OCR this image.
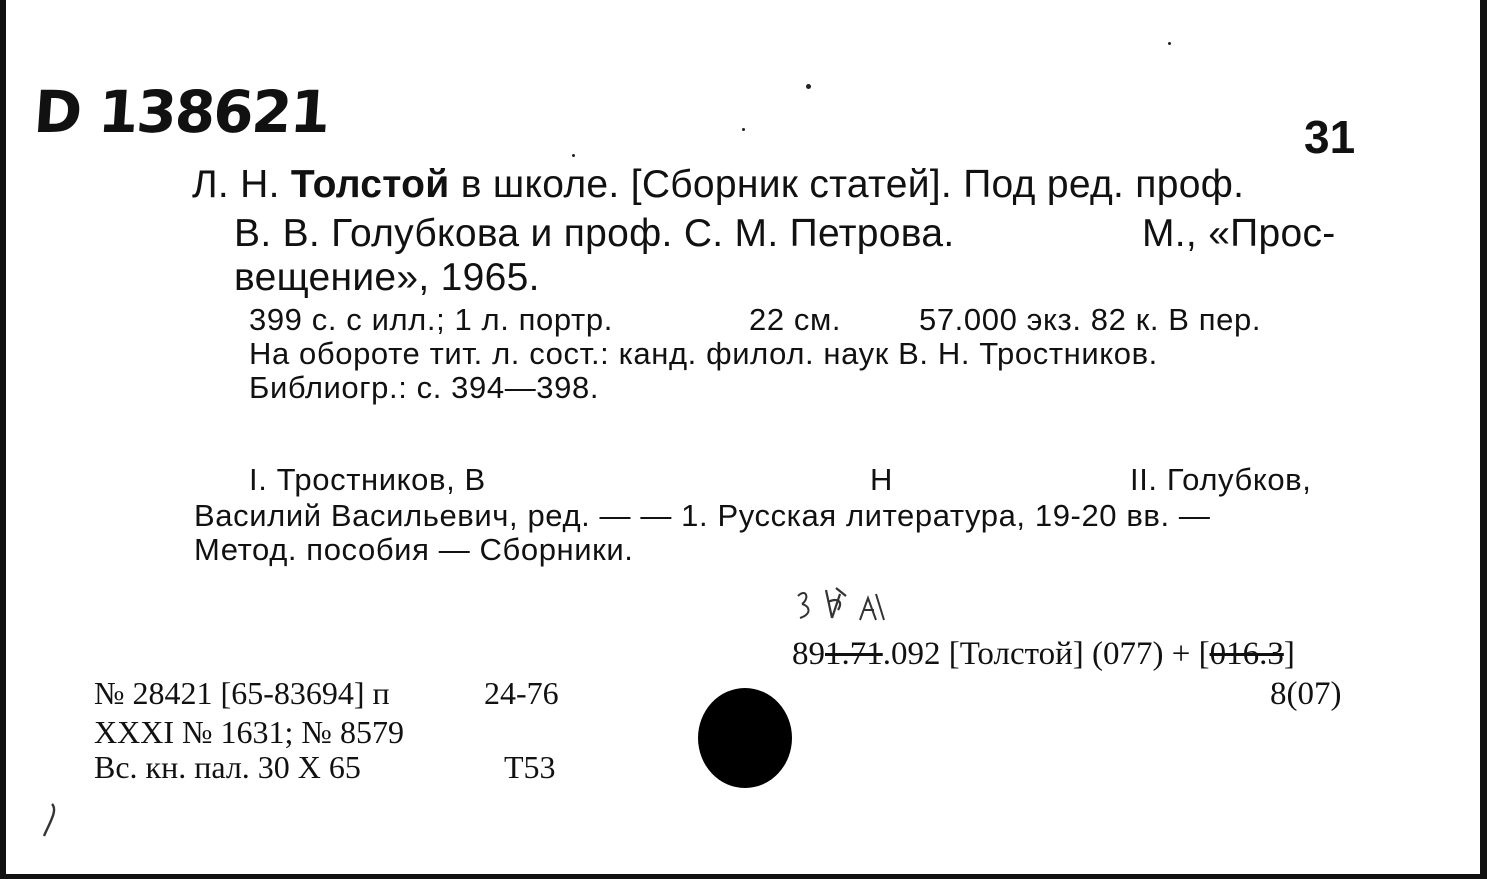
D 138621	31
Л. Н. Толстой в школе. [Сборник статей]. Под ред. проф.
В. В. Голубкова и проф. С. М. Петрова.	М., «Прос-
вещение», 1965.
399 с. с илл.; 1 л. портр.	22 см.	57.000 экз. 82 к. В пер.
На обороте тит. л. сост.: канд. филол. наук В. Н. Тростников.
Библиогр.: с. 394—398.
I. Тростников, В	Н	II. Голубков,
Василий Васильевич, ред. — — 1. Русская литература, 19-20 вв. —
Метод. пособия — Сборники.
891.71.092 [Толстой] (077) + [016.3]
8(07)
№ 28421 [65-83694] п	24-76
XXXI № 1631; № 8579
Вс. кн. пал. 30 X 65	Т53
